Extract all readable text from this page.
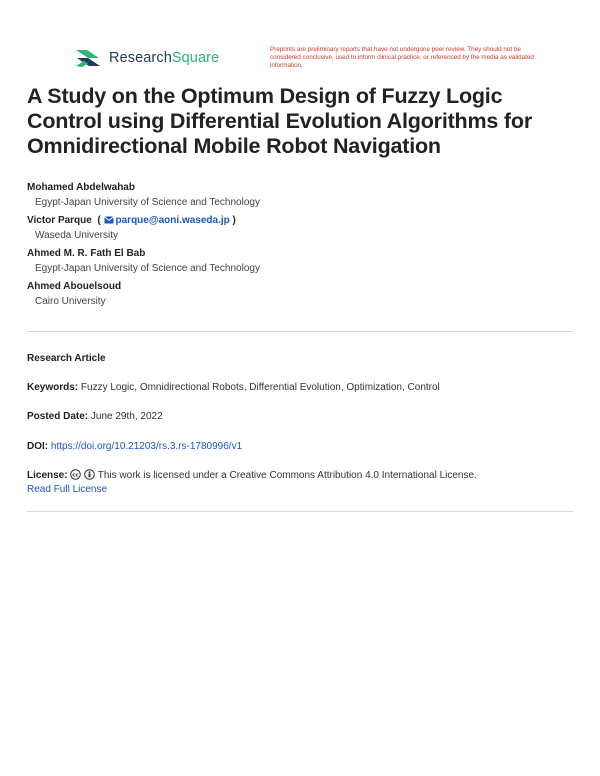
ResearchSquare
Preprints are preliminary reports that have not undergone peer review. They should not be considered conclusive, used to inform clinical practice, or referenced by the media as validated information.
A Study on the Optimum Design of Fuzzy Logic Control using Differential Evolution Algorithms for Omnidirectional Mobile Robot Navigation
Mohamed Abdelwahab
Egypt-Japan University of Science and Technology
Victor Parque  ( parque@aoni.waseda.jp )
Waseda University
Ahmed M. R. Fath El Bab
Egypt-Japan University of Science and Technology
Ahmed Abouelsoud
Cairo University
Research Article
Keywords: Fuzzy Logic, Omnidirectional Robots, Differential Evolution, Optimization, Control
Posted Date: June 29th, 2022
DOI: https://doi.org/10.21203/rs.3.rs-1780996/v1
License: cc This work is licensed under a Creative Commons Attribution 4.0 International License.
Read Full License
